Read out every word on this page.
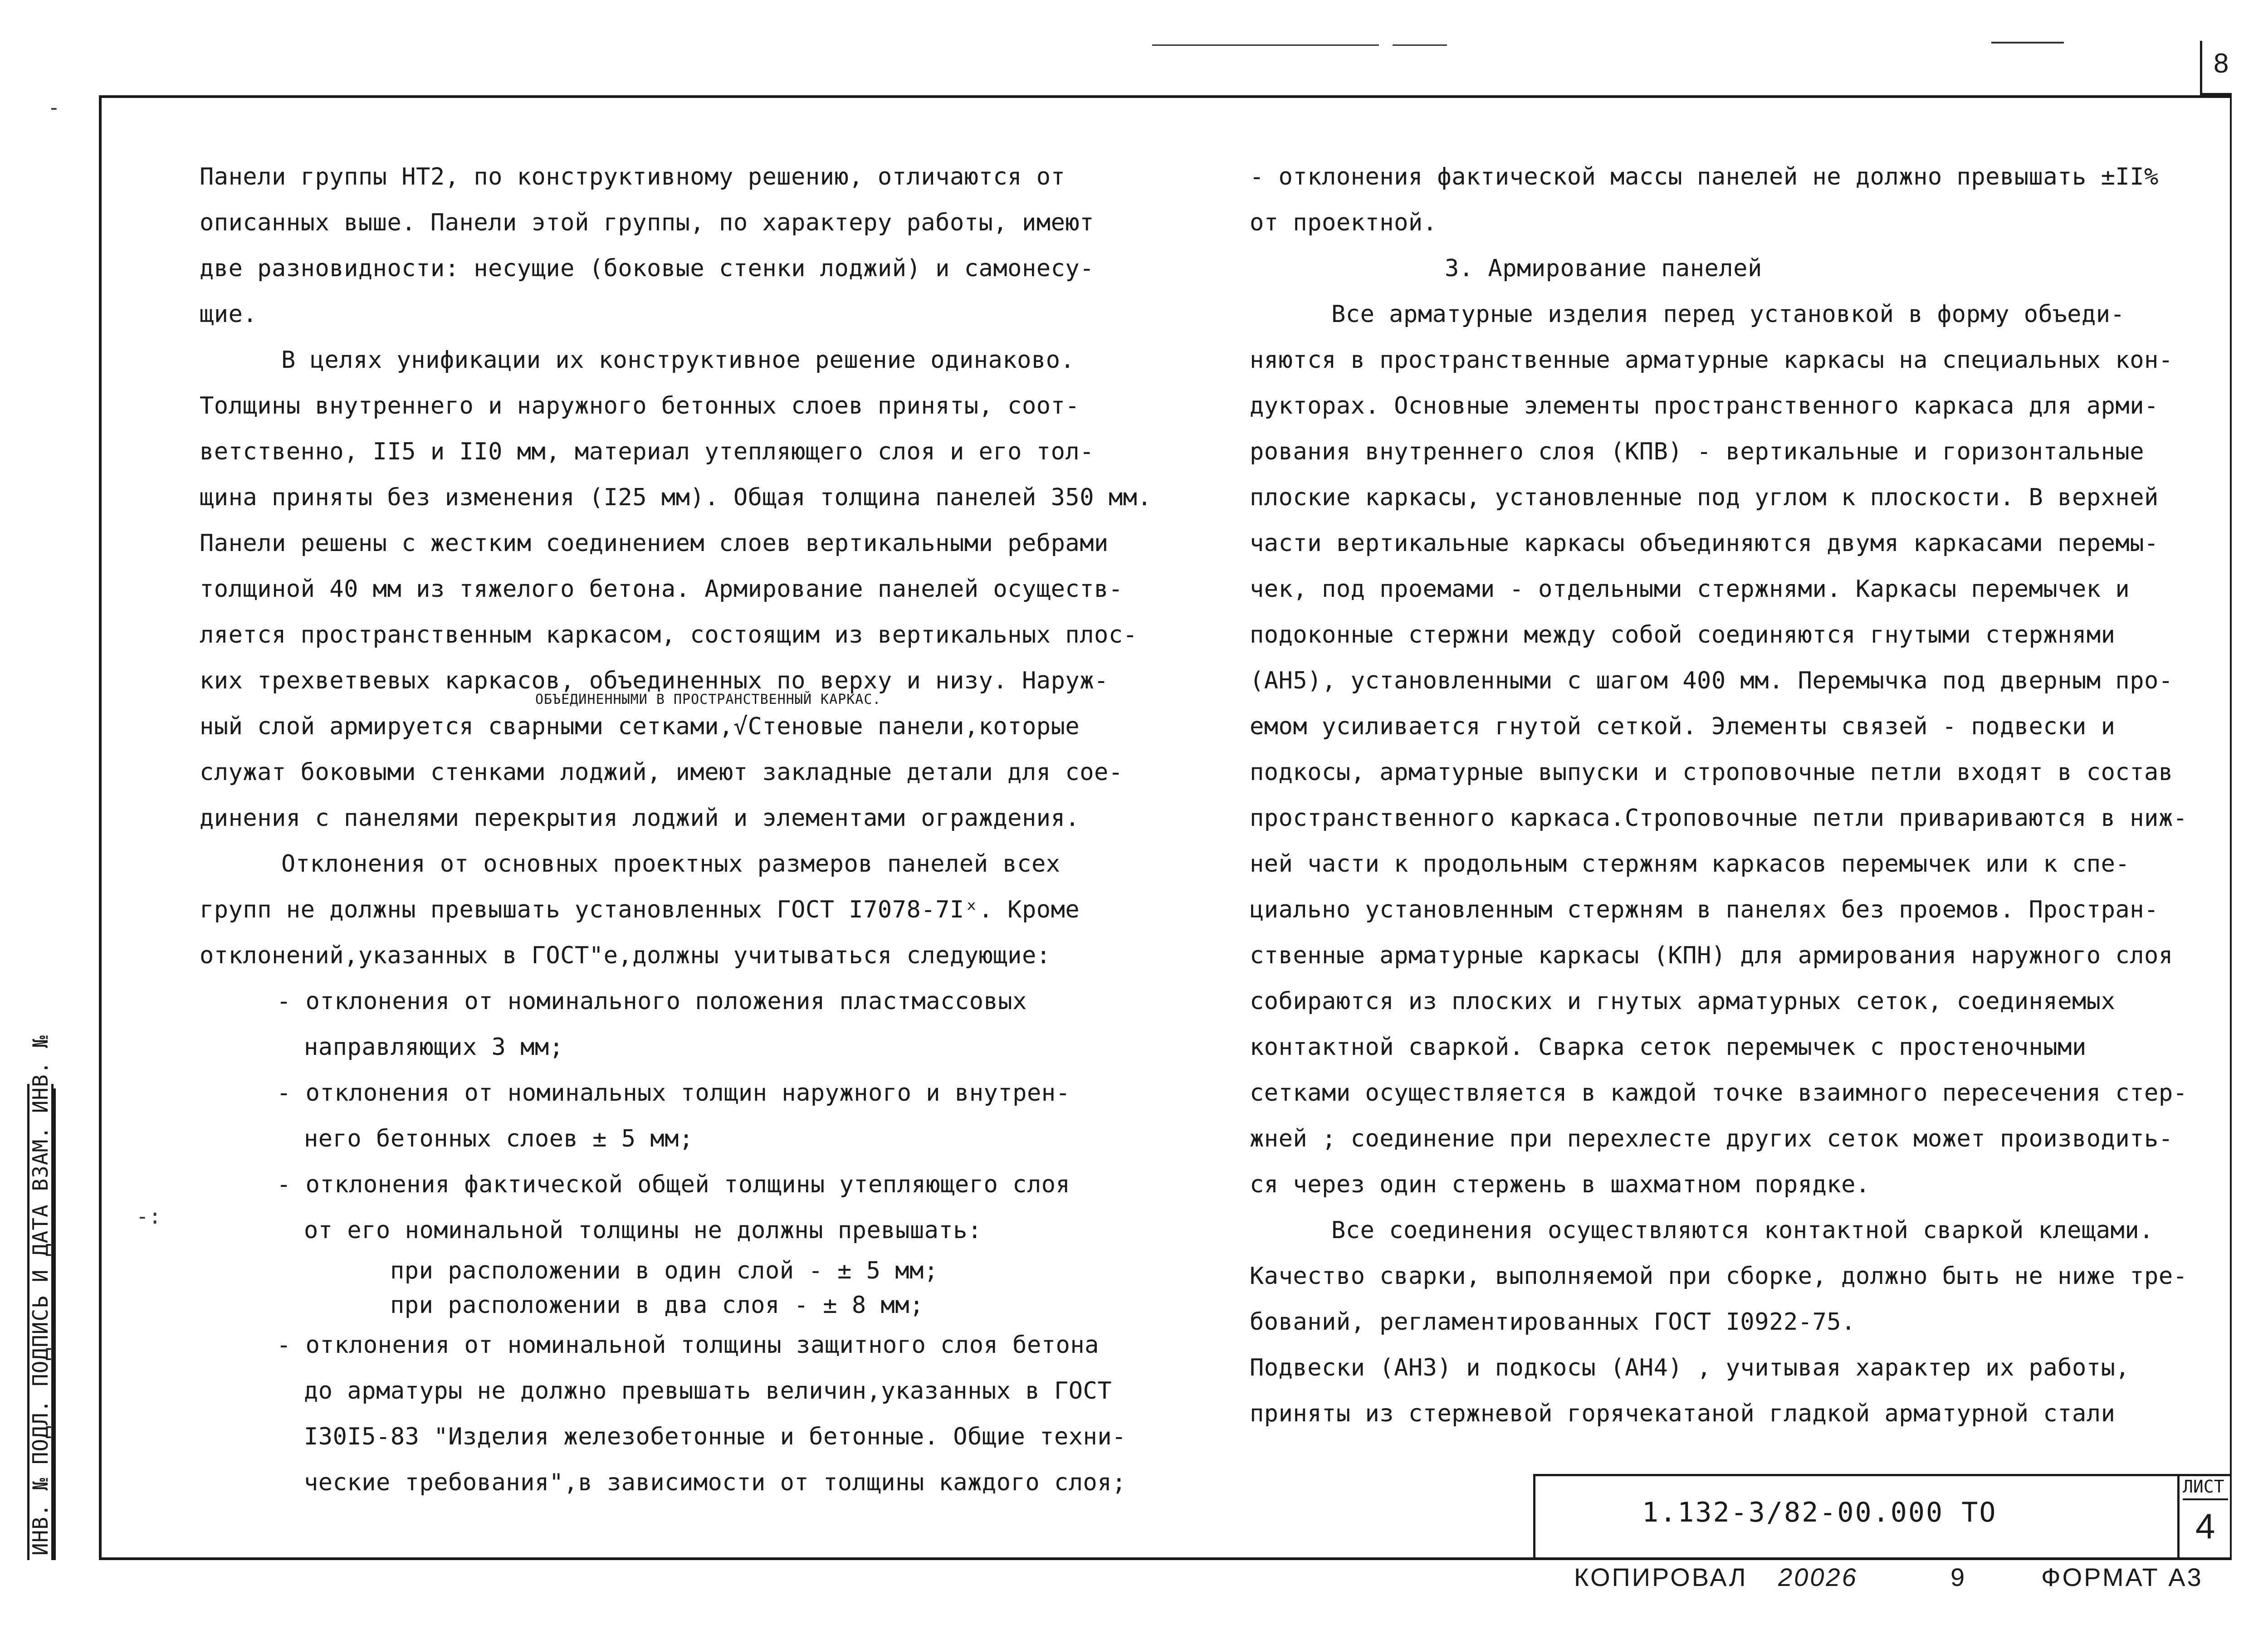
8
Панели группы НТ2, по конструктивному решению, отличаются от
описанных выше. Панели этой группы, по характеру работы, имеют
две разновидности: несущие (боковые стенки лоджий) и самонесу-
щие.
В целях унификации их конструктивное решение одинаково.
Толщины внутреннего и наружного бетонных слоев приняты, соот-
ветственно, II5 и II0 мм, материал утепляющего слоя и его тол-
щина приняты без изменения (I25 мм). Общая толщина панелей 350 мм.
Панели решены с жестким соединением слоев вертикальными ребрами
толщиной 40 мм из тяжелого бетона. Армирование панелей осуществ-
ляется пространственным каркасом, состоящим из вертикальных плос-
ких трехветвевых каркасов, объединенных по верху и низу. Наруж-
ный слой армируется сварными сетками,√Стеновые панели,которые
служат боковыми стенками лоджий, имеют закладные детали для сое-
динения с панелями перекрытия лоджий и элементами ограждения.
Отклонения от основных проектных размеров панелей всех
групп не должны превышать установленных ГОСТ I7078-7Iˣ. Кроме
отклонений,указанных в ГОСТ"е,должны учитываться следующие:
- отклонения от номинального положения пластмассовых
направляющих 3 мм;
- отклонения от номинальных толщин наружного и внутрен-
него бетонных слоев ± 5 мм;
- отклонения фактической общей толщины утепляющего слоя
от его номинальной толщины не должны превышать:
при расположении в один слой - ± 5 мм;
при расположении в два слоя - ± 8 мм;
- отклонения от номинальной толщины защитного слоя бетона
до арматуры не должно превышать величин,указанных в ГОСТ
I30I5-83 "Изделия железобетонные и бетонные. Общие техни-
ческие требования",в зависимости от толщины каждого слоя;
ОБЪЕДИНЕННЫМИ В ПРОСТРАНСТВЕННЫЙ КАРКАС.
- отклонения фактической массы панелей не должно превышать ±II%
от проектной.
3. Армирование панелей
Все арматурные изделия перед установкой в форму объеди-
няются в пространственные арматурные каркасы на специальных кон-
дукторах. Основные элементы пространственного каркаса для арми-
рования внутреннего слоя (КПВ) - вертикальные и горизонтальные
плоские каркасы, установленные под углом к плоскости. В верхней
части вертикальные каркасы объединяются двумя каркасами перемы-
чек, под проемами - отдельными стержнями. Каркасы перемычек и
подоконные стержни между собой соединяются гнутыми стержнями
(АН5), установленными с шагом 400 мм. Перемычка под дверным про-
емом усиливается гнутой сеткой. Элементы связей - подвески и
подкосы, арматурные выпуски и строповочные петли входят в состав
пространственного каркаса.Строповочные петли привариваются в ниж-
ней части к продольным стержням каркасов перемычек или к спе-
циально установленным стержням в панелях без проемов. Простран-
ственные арматурные каркасы (КПН) для армирования наружного слоя
собираются из плоских и гнутых арматурных сеток, соединяемых
контактной сваркой. Сварка сеток перемычек с простеночными
сетками осуществляется в каждой точке взаимного пересечения стер-
жней ; соединение при перехлесте других сеток может производить-
ся через один стержень в шахматном порядке.
Все соединения осуществляются контактной сваркой клещами.
Качество сварки, выполняемой при сборке, должно быть не ниже тре-
бований, регламентированных ГОСТ I0922-75.
Подвески (АН3) и подкосы (АН4) , учитывая характер их работы,
приняты из стержневой горячекатаной гладкой арматурной стали
ИНВ. № ПОДЛ. ПОДПИСЬ И ДАТА ВЗАМ. ИНВ. №	-:
-
1.132-3/82-00.000 ТО
ЛИСТ
4
КОПИРОВАЛ 20026	9	ФОРМАТ А3
